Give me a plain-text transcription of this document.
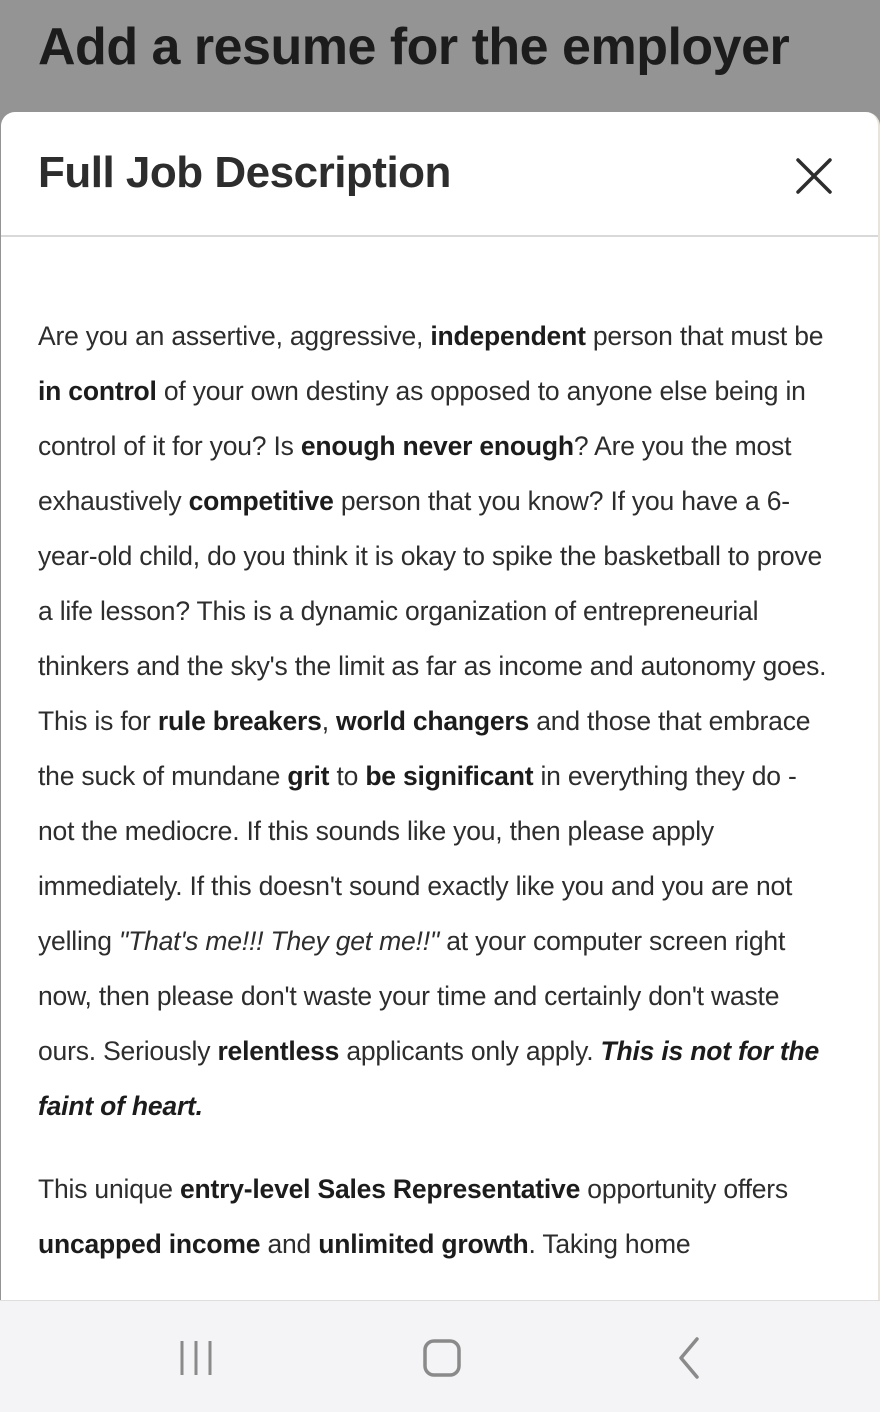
Add a resume for the employer
Full Job Description

Are you an assertive, aggressive, independent person that must be in control of your own destiny as opposed to anyone else being in control of it for you? Is enough never enough? Are you the most exhaustively competitive person that you know? If you have a 6-year-old child, do you think it is okay to spike the basketball to prove a life lesson? This is a dynamic organization of entrepreneurial thinkers and the sky's the limit as far as income and autonomy goes. This is for rule breakers, world changers and those that embrace the suck of mundane grit to be significant in everything they do - not the mediocre. If this sounds like you, then please apply immediately. If this doesn't sound exactly like you and you are not yelling "That's me!!! They get me!!" at your computer screen right now, then please don't waste your time and certainly don't waste ours. Seriously relentless applicants only apply. This is not for the faint of heart.

This unique entry-level Sales Representative opportunity offers uncapped income and unlimited growth. Taking home
